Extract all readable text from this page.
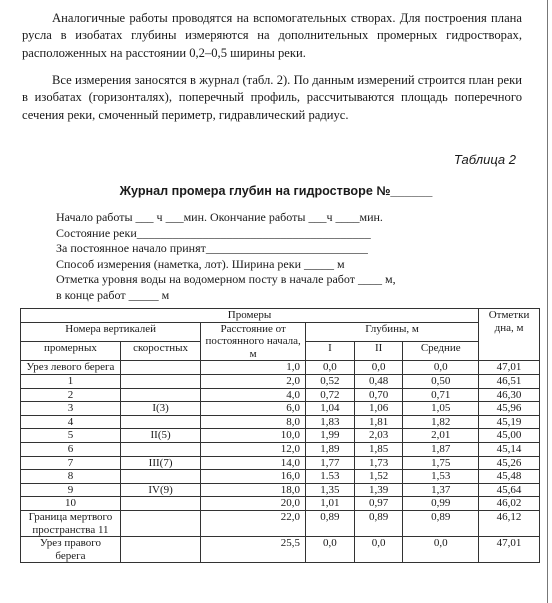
Аналогичные работы проводятся на вспомогательных створах. Для построения плана русла в изобатах глубины измеряются на дополнительных промерных гидростворах, расположенных на расстоянии 0,2–0,5 ширины реки.
Все измерения заносятся в журнал (табл. 2). По данным измерений строится план реки в изобатах (горизонталях), поперечный профиль, рассчитываются площадь поперечного сечения реки, смоченный периметр, гидравлический радиус.
Таблица 2
Журнал промера глубин на гидростворе №______
Начало работы ___ ч ___мин. Окончание работы ___ч ____мин.
Состояние реки_______________________________________
За постоянное начало принят___________________________
Способ измерения (наметка, лот). Ширина реки _____ м
Отметка уровня воды на водомерном посту в начале работ ____ м,
в конце работ _____ м
Промеры						Отметки дна, м
Номера вертикалей		Расстояние от постоянного начала, м	Глубины, м			
промерных	скоростных		I	II	Средние	
Урез левого берега		1,0	0,0	0,0	0,0	47,01
1		2,0	0,52	0,48	0,50	46,51
2		4,0	0,72	0,70	0,71	46,30
3	I(3)	6,0	1,04	1,06	1,05	45,96
4		8,0	1,83	1,81	1,82	45,19
5	II(5)	10,0	1,99	2,03	2,01	45,00
6		12,0	1,89	1,85	1,87	45,14
7	III(7)	14,0	1,77	1,73	1,75	45,26
8		16,0	1.53	1,52	1,53	45,48
9	IV(9)	18,0	1,35	1,39	1,37	45,64
10		20,0	1,01	0,97	0,99	46,02
Граница мертвого пространства 11		22,0	0,89	0,89	0,89	46,12
Урез правого берега		25,5	0,0	0,0	0,0	47,01
